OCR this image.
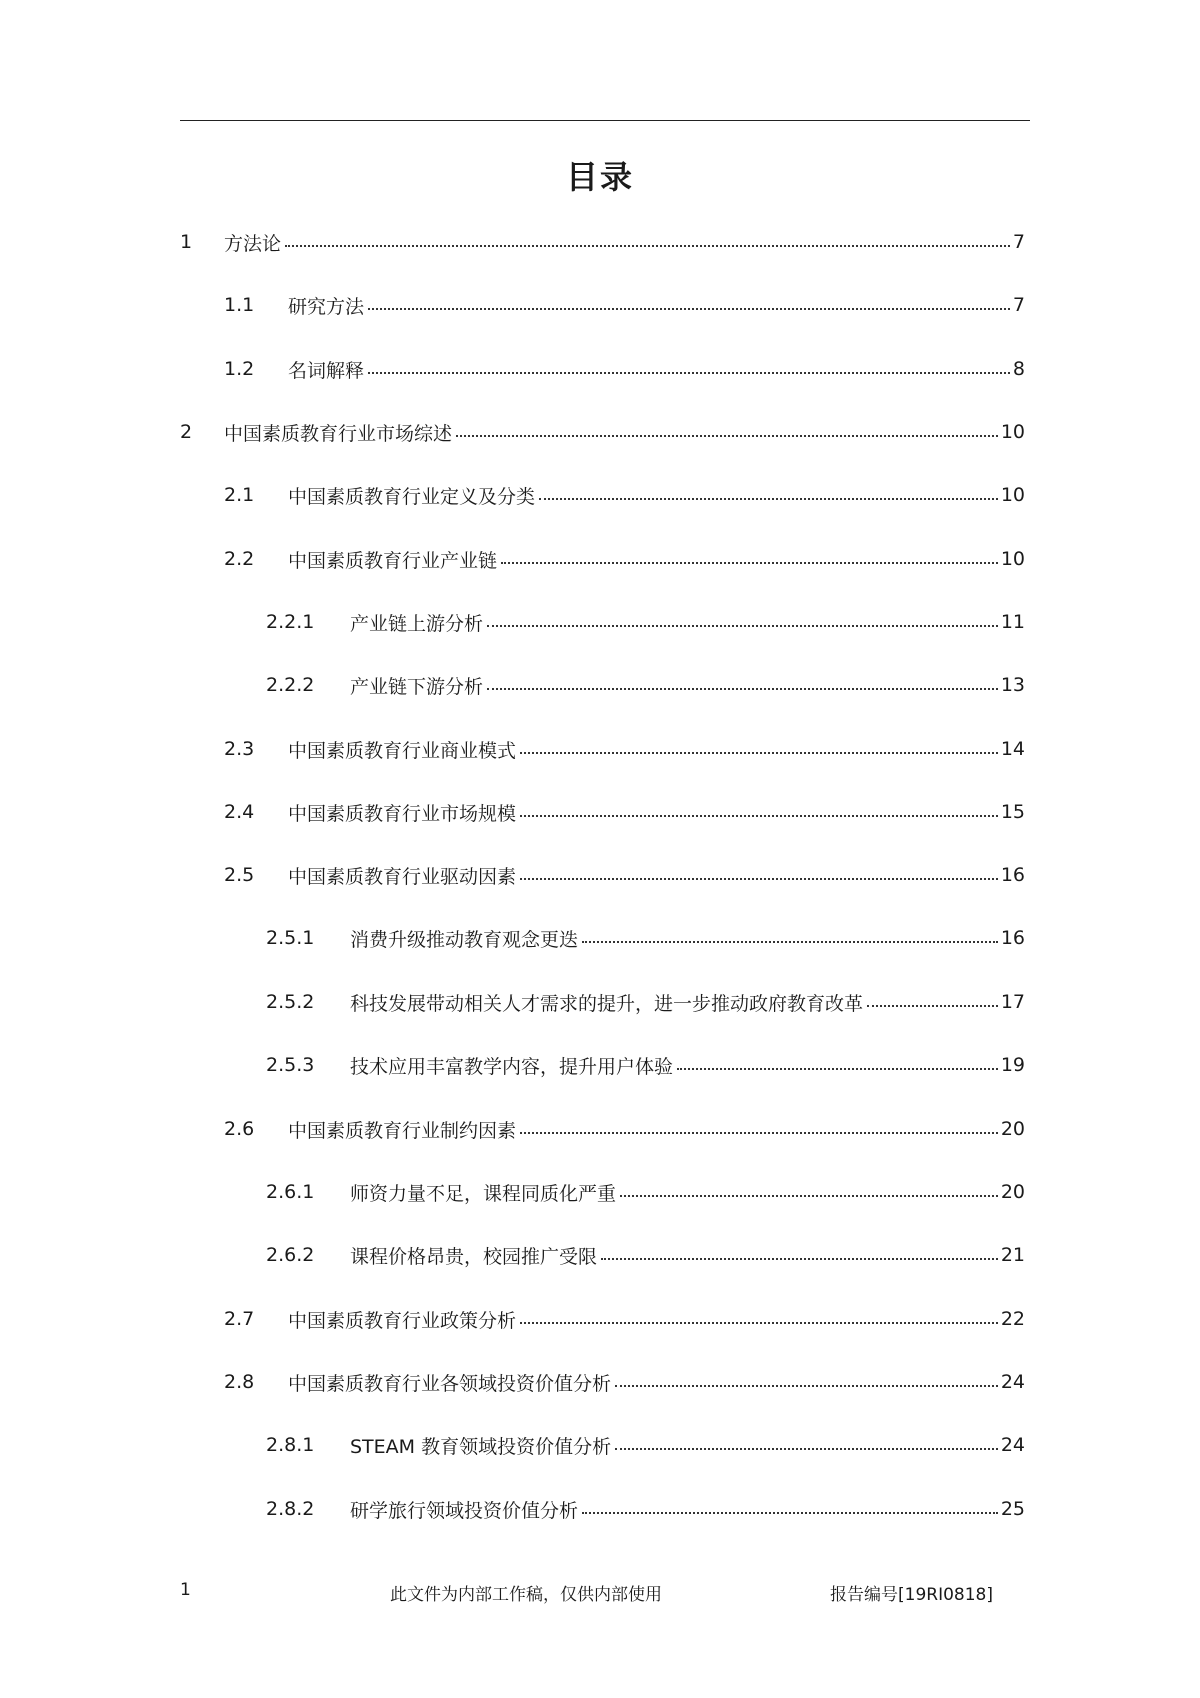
目录
1	方法论	7
1.1	研究方法	7
1.2	名词解释	8
2	中国素质教育行业市场综述	10
2.1	中国素质教育行业定义及分类	10
2.2	中国素质教育行业产业链	10
2.2.1	产业链上游分析	11
2.2.2	产业链下游分析	13
2.3	中国素质教育行业商业模式	14
2.4	中国素质教育行业市场规模	15
2.5	中国素质教育行业驱动因素	16
2.5.1	消费升级推动教育观念更迭	16
2.5.2	科技发展带动相关人才需求的提升，进一步推动政府教育改革	17
2.5.3	技术应用丰富教学内容，提升用户体验	19
2.6	中国素质教育行业制约因素	20
2.6.1	师资力量不足，课程同质化严重	20
2.6.2	课程价格昂贵，校园推广受限	21
2.7	中国素质教育行业政策分析	22
2.8	中国素质教育行业各领域投资价值分析	24
2.8.1	STEAM 教育领域投资价值分析	24
2.8.2	研学旅行领域投资价值分析	25
1	此文件为内部工作稿，仅供内部使用	报告编号[19RI0818]
